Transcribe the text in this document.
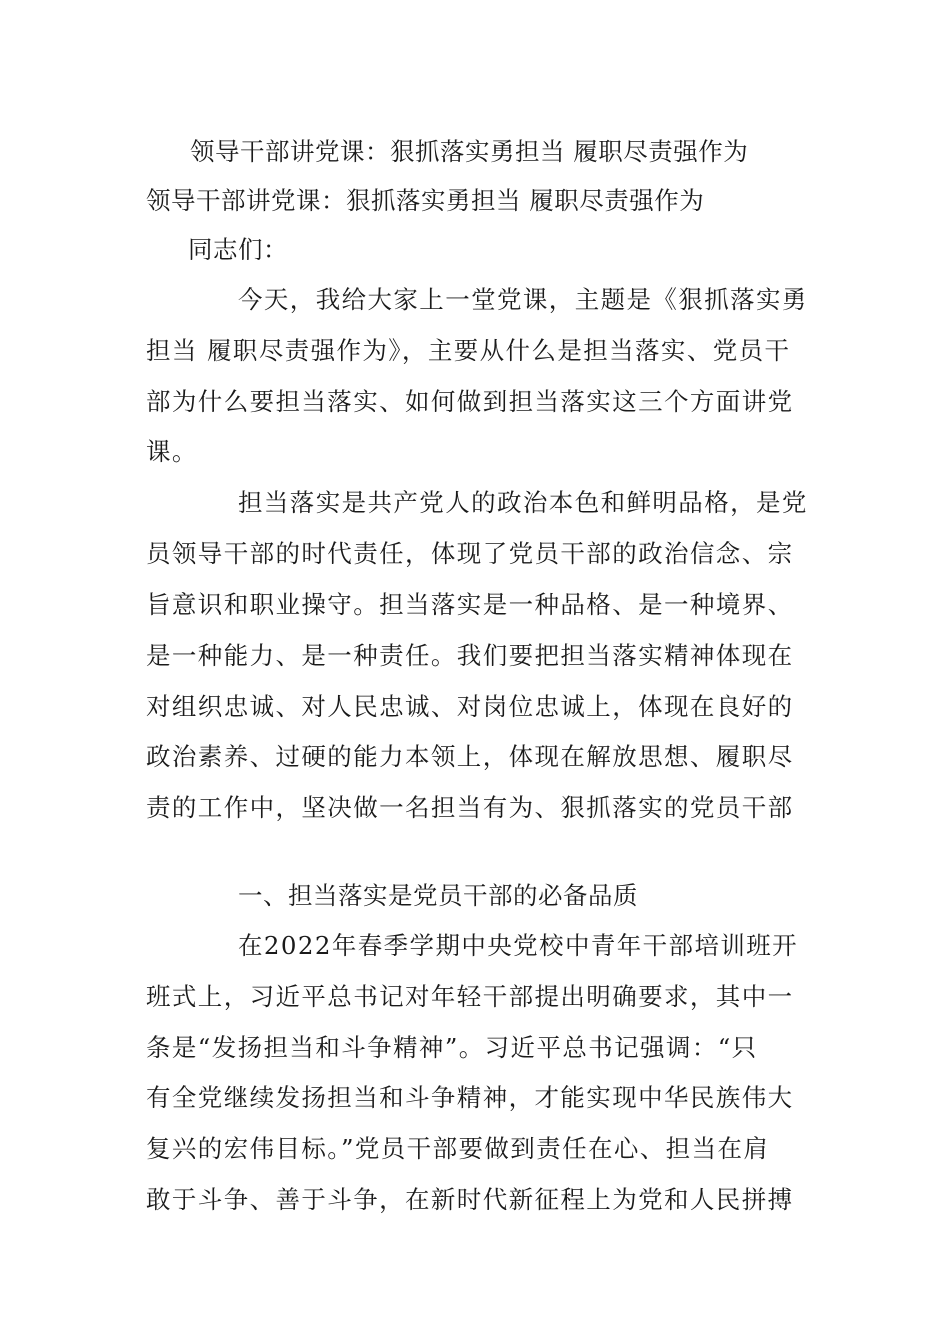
领导干部讲党课：狠抓落实勇担当 履职尽责强作为
领导干部讲党课：狠抓落实勇担当 履职尽责强作为
同志们：
今天，我给大家上一堂党课，主题是《狠抓落实勇
担当 履职尽责强作为》，主要从什么是担当落实、党员干
部为什么要担当落实、如何做到担当落实这三个方面讲党
课。
担当落实是共产党人的政治本色和鲜明品格，是党
员领导干部的时代责任，体现了党员干部的政治信念、宗
旨意识和职业操守。担当落实是一种品格、是一种境界、
是一种能力、是一种责任。我们要把担当落实精神体现在
对组织忠诚、对人民忠诚、对岗位忠诚上，体现在良好的
政治素养、过硬的能力本领上，体现在解放思想、履职尽
责的工作中，坚决做一名担当有为、狠抓落实的党员干部
一、担当落实是党员干部的必备品质
在2022年春季学期中央党校中青年干部培训班开
班式上，习近平总书记对年轻干部提出明确要求，其中一
条是“发扬担当和斗争精神”。习近平总书记强调：“只
有全党继续发扬担当和斗争精神，才能实现中华民族伟大
复兴的宏伟目标。”党员干部要做到责任在心、担当在肩
敢于斗争、善于斗争，在新时代新征程上为党和人民拼搏
